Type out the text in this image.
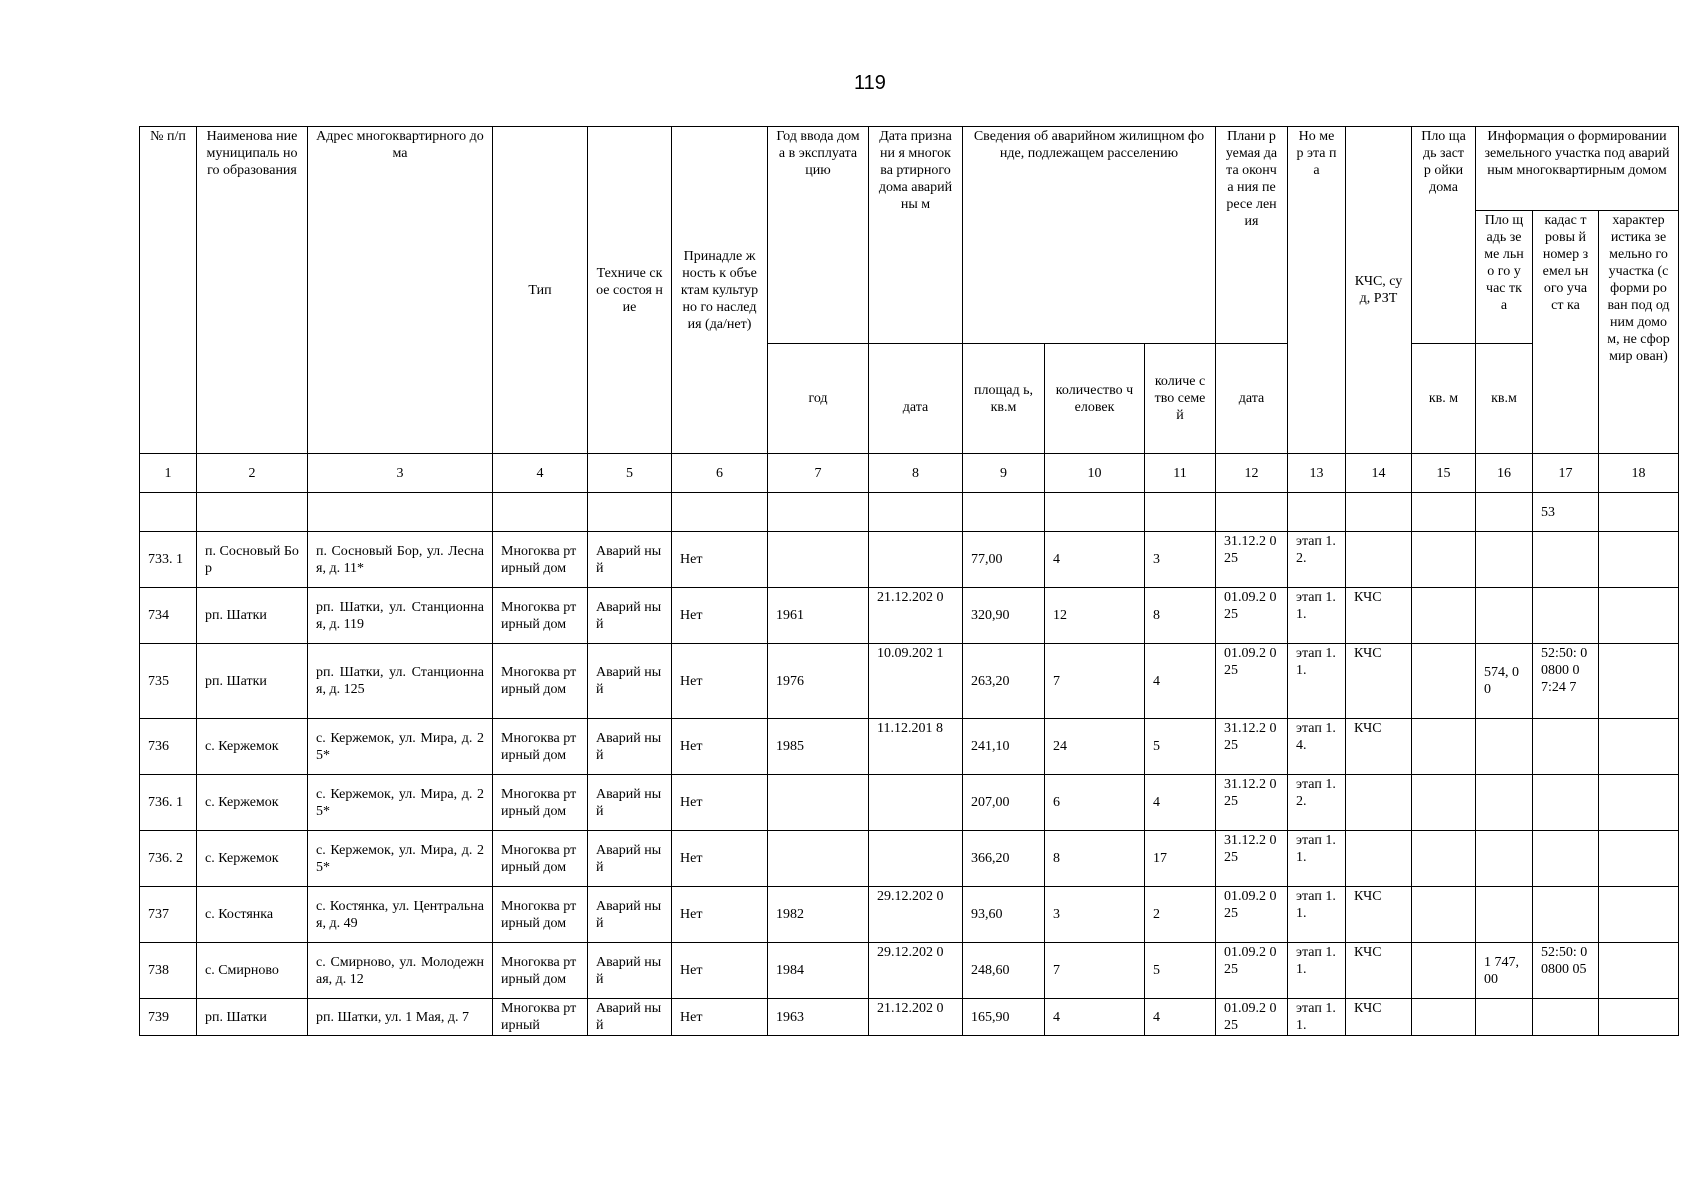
119
№ п/п	Наименова ние муниципаль ного образования	Адрес многоквартирного дома	Тип	Техниче ское состоя ние	Принадле жность к объектам культурно го наследия (да/нет)	Год ввода дома в эксплуата цию	Дата признани я многоква ртирного дома аварийны м	Сведения об аварийном жилищном фонде, подлежащем расселению			Плани руемая дата оконча ния пересе ления	Но мер эта па	КЧС, суд, РЗТ	Пло щадь застр ойки дома	Информация о формировании земельного участка под аварийным многоквартирным домом		
															Пло щадь земе льно го учас тка	кадас тровы й номер земел ьного участ ка	характер истика земельно го участка (сформи рован под одним домом, не сформир ован)
						год	дата	площад ь, кв.м	количество человек	количе ство семей	дата			кв. м	кв.м		
1	2	3	4	5	6	7	8	9	10	11	12	13	14	15	16	17	18
																53	
733. 1	п. Сосновый Бор	п. Сосновый Бор, ул. Лесная, д. 11*	Многоква ртирный дом	Аварий ный	Нет			77,00	4	3	31.12.2 025	этап 1.2.					
734	рп. Шатки	рп. Шатки, ул. Станционная, д. 119	Многоква ртирный дом	Аварий ный	Нет	1961	21.12.202 0	320,90	12	8	01.09.2 025	этап 1.1.	КЧС				
735	рп. Шатки	рп. Шатки, ул. Станционная, д. 125	Многоква ртирный дом	Аварий ный	Нет	1976	10.09.202 1	263,20	7	4	01.09.2 025	этап 1.1.	КЧС		574, 00	52:50: 00800 07:24 7	
736	с. Кержемок	с. Кержемок, ул. Мира, д. 25*	Многоква ртирный дом	Аварий ный	Нет	1985	11.12.201 8	241,10	24	5	31.12.2 025	этап 1.4.	КЧС				
736. 1	с. Кержемок	с. Кержемок, ул. Мира, д. 25*	Многоква ртирный дом	Аварий ный	Нет			207,00	6	4	31.12.2 025	этап 1.2.					
736. 2	с. Кержемок	с. Кержемок, ул. Мира, д. 25*	Многоква ртирный дом	Аварий ный	Нет			366,20	8	17	31.12.2 025	этап 1.1.					
737	с. Костянка	с. Костянка, ул. Центральная, д. 49	Многоква ртирный дом	Аварий ный	Нет	1982	29.12.202 0	93,60	3	2	01.09.2 025	этап 1.1.	КЧС				
738	с. Смирново	с. Смирново, ул. Молодежная, д. 12	Многоква ртирный дом	Аварий ный	Нет	1984	29.12.202 0	248,60	7	5	01.09.2 025	этап 1.1.	КЧС		1 747, 00	52:50: 00800 05	
739	рп. Шатки	рп. Шатки, ул. 1 Мая, д. 7	Многоква ртирный	Аварий ный	Нет	1963	21.12.202 0	165,90	4	4	01.09.2 025	этап 1.1.	КЧС				
